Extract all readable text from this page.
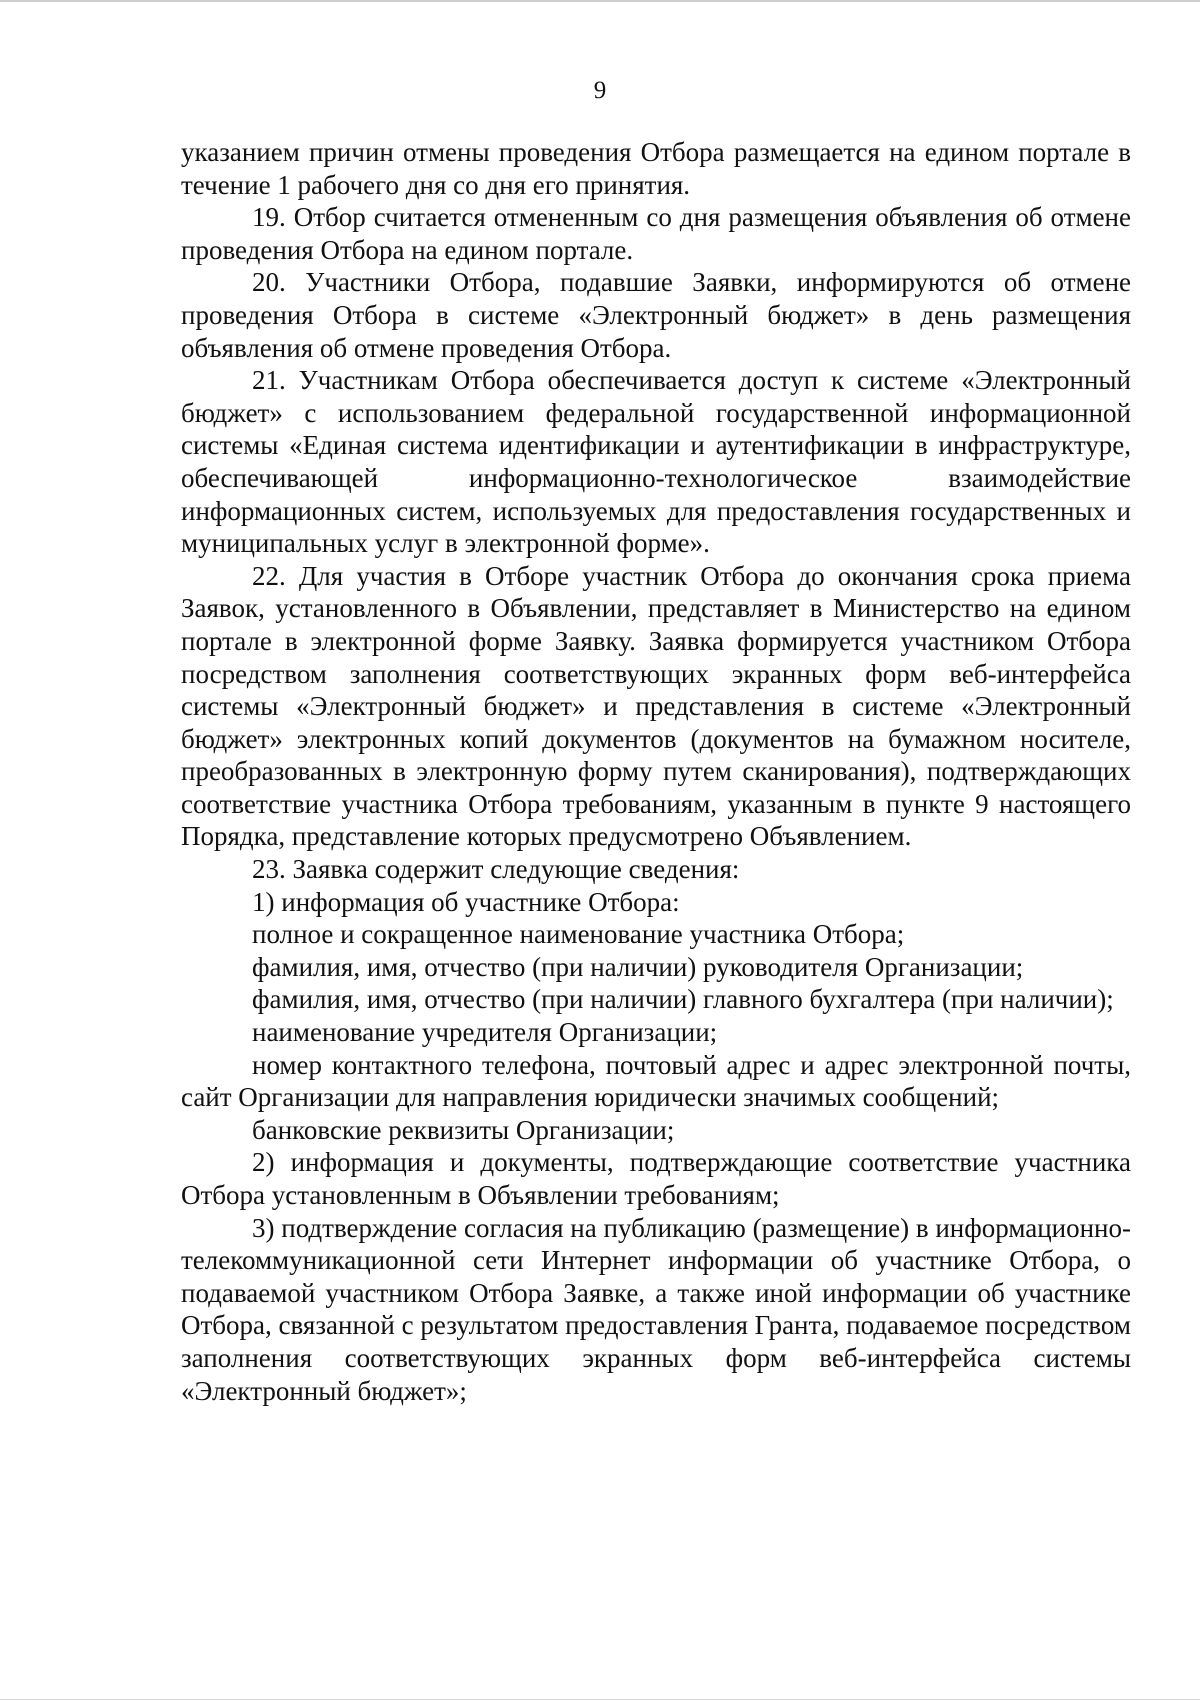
9

указанием причин отмены проведения Отбора размещается на едином портале в течение 1 рабочего дня со дня его принятия.

19. Отбор считается отмененным со дня размещения объявления об отмене проведения Отбора на едином портале.

20. Участники Отбора, подавшие Заявки, информируются об отмене проведения Отбора в системе «Электронный бюджет» в день размещения объявления об отмене проведения Отбора.

21. Участникам Отбора обеспечивается доступ к системе «Электронный бюджет» с использованием федеральной государственной информационной системы «Единая система идентификации и аутентификации в инфраструктуре, обеспечивающей информационно-технологическое взаимодействие информационных систем, используемых для предоставления государственных и муниципальных услуг в электронной форме».

22. Для участия в Отборе участник Отбора до окончания срока приема Заявок, установленного в Объявлении, представляет в Министерство на едином портале в электронной форме Заявку. Заявка формируется участником Отбора посредством заполнения соответствующих экранных форм веб-интерфейса системы «Электронный бюджет» и представления в системе «Электронный бюджет» электронных копий документов (документов на бумажном носителе, преобразованных в электронную форму путем сканирования), подтверждающих соответствие участника Отбора требованиям, указанным в пункте 9 настоящего Порядка, представление которых предусмотрено Объявлением.

23. Заявка содержит следующие сведения:

1) информация об участнике Отбора:

полное и сокращенное наименование участника Отбора;

фамилия, имя, отчество (при наличии) руководителя Организации;

фамилия, имя, отчество (при наличии) главного бухгалтера (при наличии);

наименование учредителя Организации;

номер контактного телефона, почтовый адрес и адрес электронной почты, сайт Организации для направления юридически значимых сообщений;

банковские реквизиты Организации;

2) информация и документы, подтверждающие соответствие участника Отбора установленным в Объявлении требованиям;

3) подтверждение согласия на публикацию (размещение) в информационно-телекоммуникационной сети Интернет информации об участнике Отбора, о подаваемой участником Отбора Заявке, а также иной информации об участнике Отбора, связанной с результатом предоставления Гранта, подаваемое посредством заполнения соответствующих экранных форм веб-интерфейса системы «Электронный бюджет»;
